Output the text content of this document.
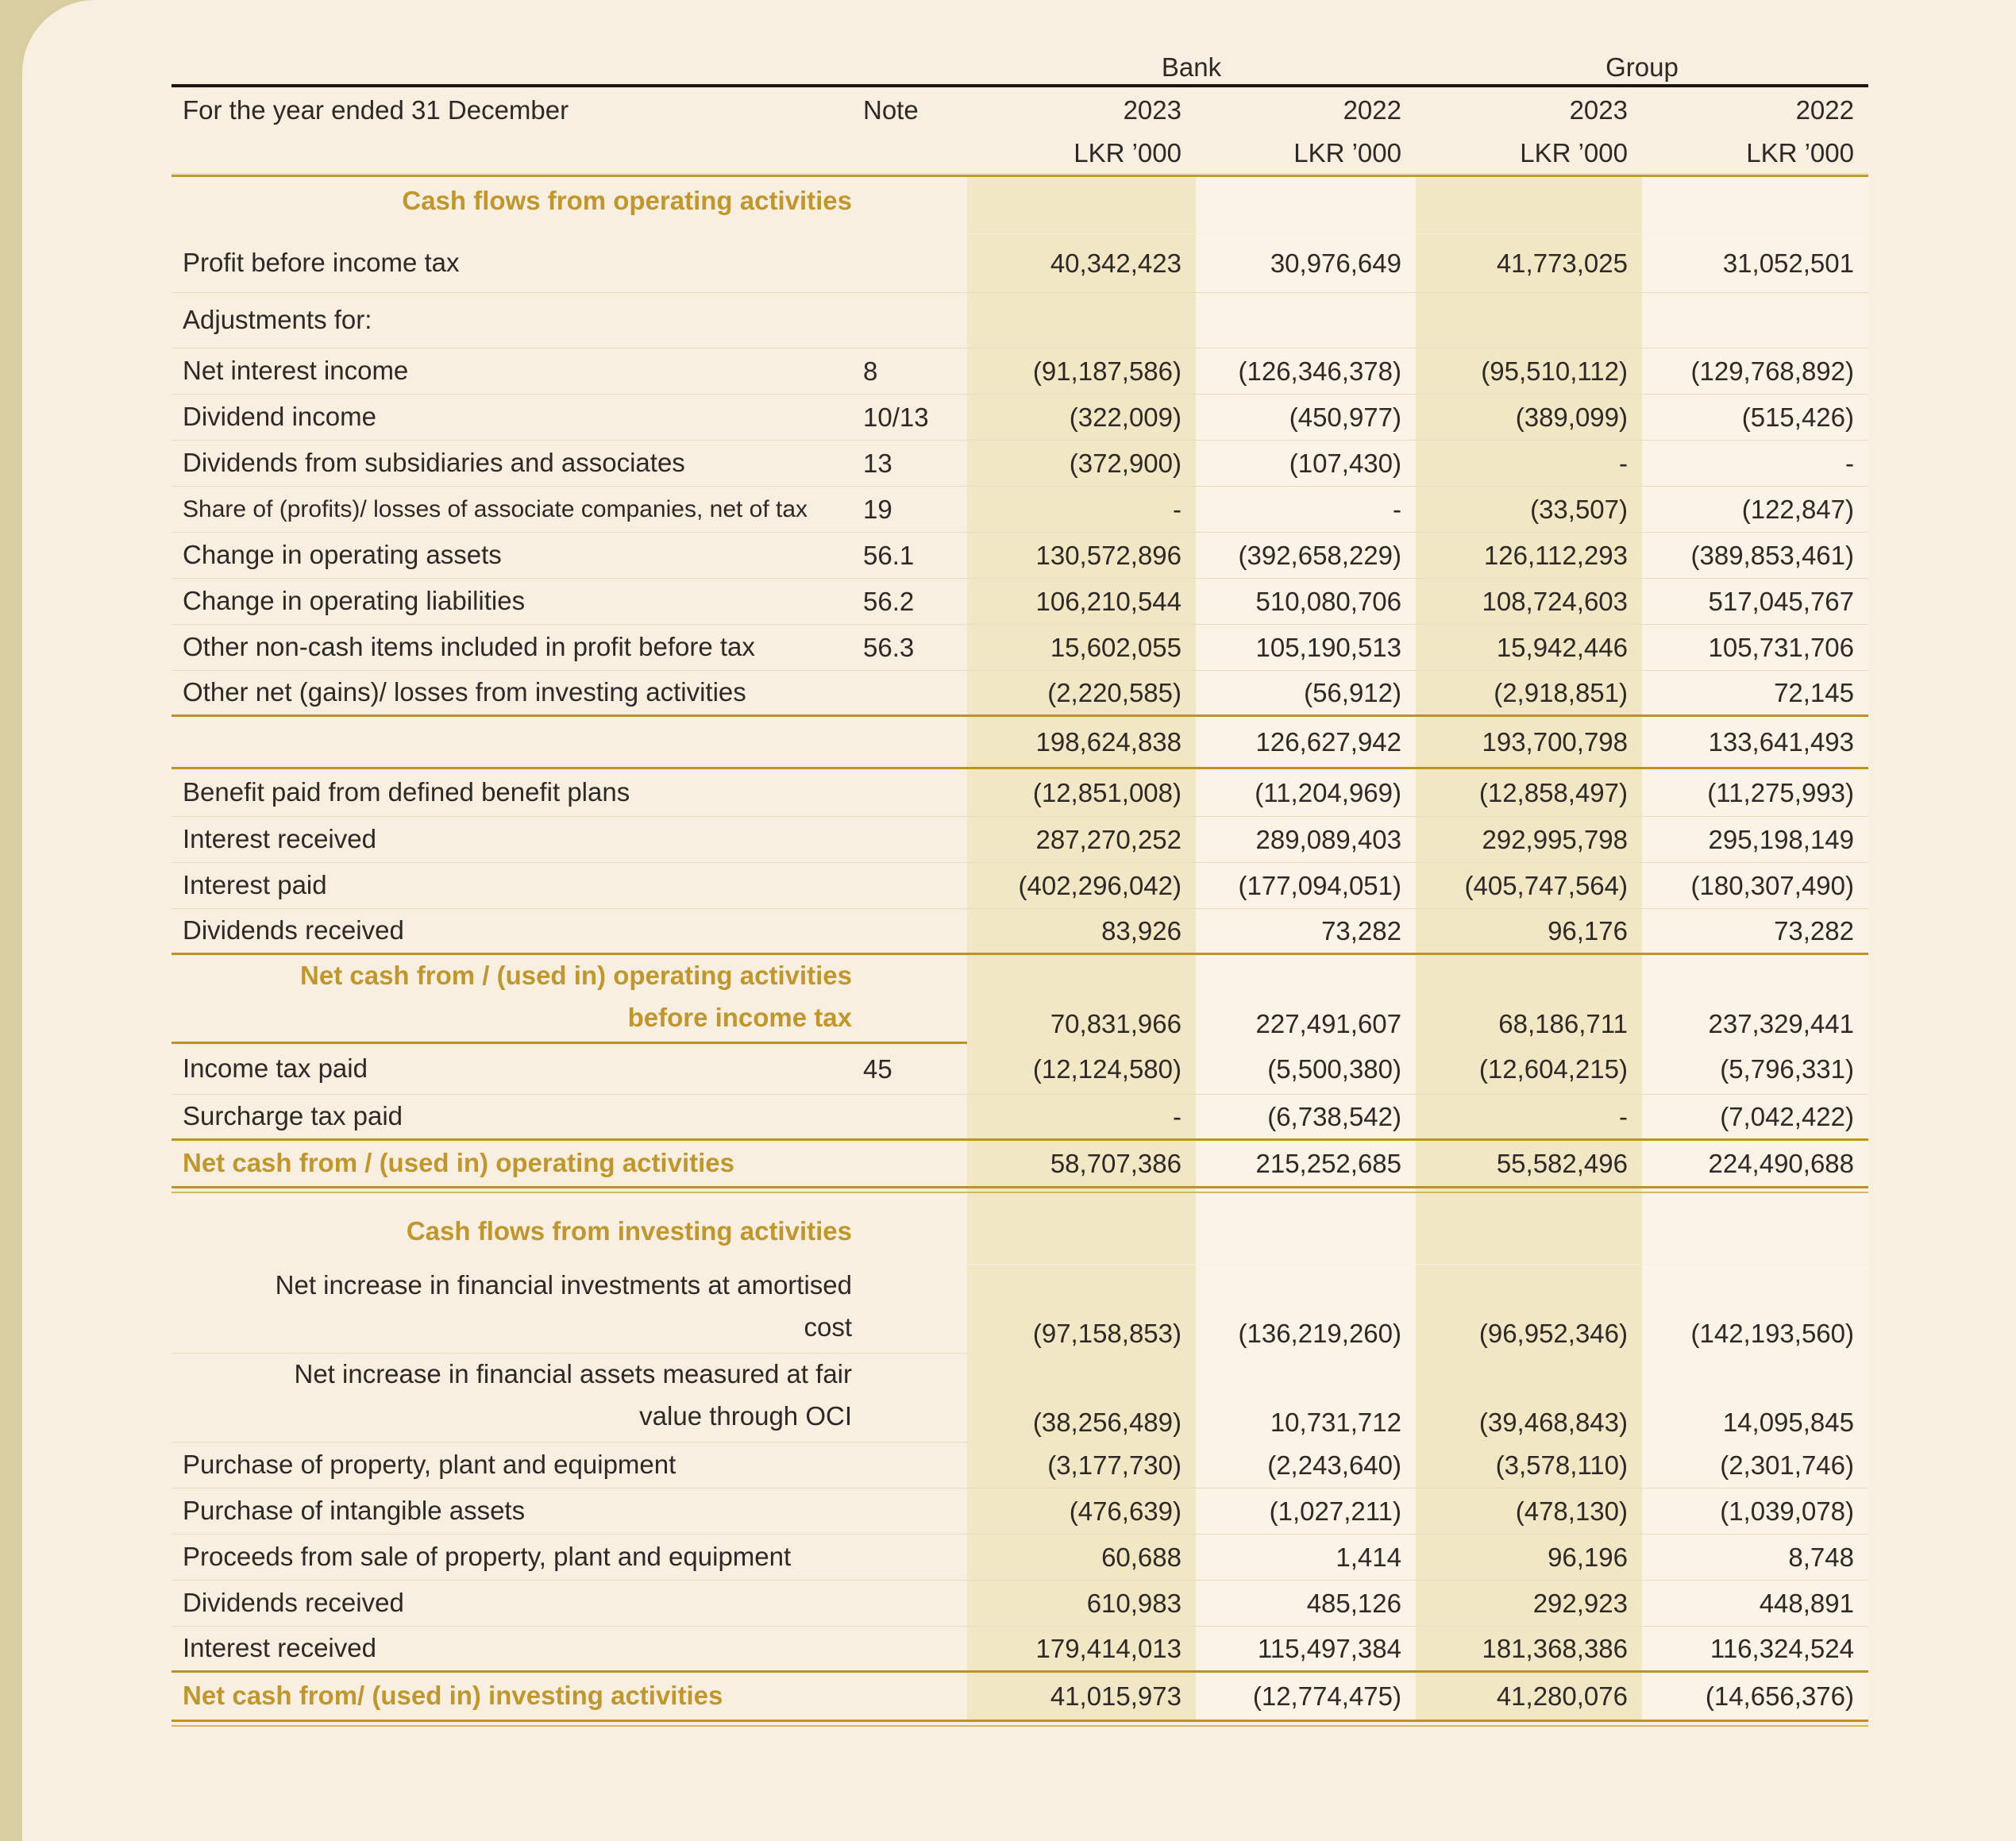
Bank	Group
For the year ended 31 December	Note	2023	2022	2023	2022
LKR ’000	LKR ’000	LKR ’000	LKR ’000
Cash flows from operating activities
Profit before income tax	40,342,423	30,976,649	41,773,025	31,052,501
Adjustments for:
Net interest income	8	(91,187,586)	(126,346,378)	(95,510,112)	(129,768,892)
Dividend income	10/13	(322,009)	(450,977)	(389,099)	(515,426)
Dividends from subsidiaries and associates	13	(372,900)	(107,430)	-	-
Share of (profits)/ losses of associate companies, net of tax	19	-	-	(33,507)	(122,847)
Change in operating assets	56.1	130,572,896	(392,658,229)	126,112,293	(389,853,461)
Change in operating liabilities	56.2	106,210,544	510,080,706	108,724,603	517,045,767
Other non-cash items included in profit before tax	56.3	15,602,055	105,190,513	15,942,446	105,731,706
Other net (gains)/ losses from investing activities	(2,220,585)	(56,912)	(2,918,851)	72,145
198,624,838	126,627,942	193,700,798	133,641,493
Benefit paid from defined benefit plans	(12,851,008)	(11,204,969)	(12,858,497)	(11,275,993)
Interest received	287,270,252	289,089,403	292,995,798	295,198,149
Interest paid	(402,296,042)	(177,094,051)	(405,747,564)	(180,307,490)
Dividends received	83,926	73,282	96,176	73,282
Net cash from / (used in) operating activities
before income tax	70,831,966	227,491,607	68,186,711	237,329,441
Income tax paid	45	(12,124,580)	(5,500,380)	(12,604,215)	(5,796,331)
Surcharge tax paid	-	(6,738,542)	-	(7,042,422)
Net cash from / (used in) operating activities	58,707,386	215,252,685	55,582,496	224,490,688
Cash flows from investing activities
Net increase in financial investments at amortised
cost	(97,158,853)	(136,219,260)	(96,952,346)	(142,193,560)
Net increase in financial assets measured at fair
value through OCI	(38,256,489)	10,731,712	(39,468,843)	14,095,845
Purchase of property, plant and equipment	(3,177,730)	(2,243,640)	(3,578,110)	(2,301,746)
Purchase of intangible assets	(476,639)	(1,027,211)	(478,130)	(1,039,078)
Proceeds from sale of property, plant and equipment	60,688	1,414	96,196	8,748
Dividends received	610,983	485,126	292,923	448,891
Interest received	179,414,013	115,497,384	181,368,386	116,324,524
Net cash from/ (used in) investing activities	41,015,973	(12,774,475)	41,280,076	(14,656,376)
